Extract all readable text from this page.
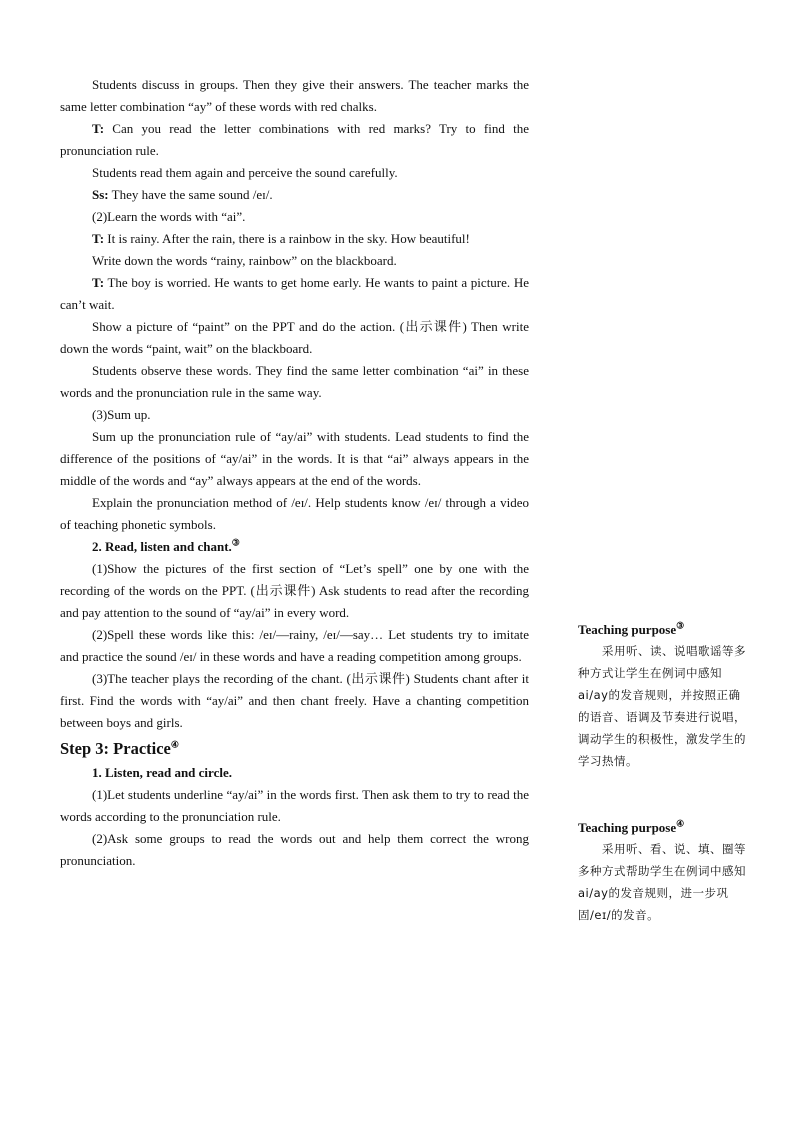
Students discuss in groups. Then they give their answers. The teacher marks the same letter combination “ay” of these words with red chalks.

T: Can you read the letter combinations with red marks? Try to find the pronunciation rule.

Students read them again and perceive the sound carefully.

Ss: They have the same sound /eɪ/.

(2)Learn the words with “ai”.

T: It is rainy. After the rain, there is a rainbow in the sky. How beautiful!

Write down the words “rainy, rainbow” on the blackboard.

T: The boy is worried. He wants to get home early. He wants to paint a picture. He can’t wait.

Show a picture of “paint” on the PPT and do the action. (出示课件) Then write down the words “paint, wait” on the blackboard.

Students observe these words. They find the same letter combination “ai” in these words and the pronunciation rule in the same way.

(3)Sum up.

Sum up the pronunciation rule of “ay/ai” with students. Lead students to find the difference of the positions of “ay/ai” in the words. It is that “ai” always appears in the middle of the words and “ay” always appears at the end of the words.

Explain the pronunciation method of /eɪ/. Help students know /eɪ/ through a video of teaching phonetic symbols.

2. Read, listen and chant.③

(1)Show the pictures of the first section of “Let’s spell” one by one with the recording of the words on the PPT. (出示课件) Ask students to read after the recording and pay attention to the sound of “ay/ai” in every word.

(2)Spell these words like this: /eɪ/—rainy, /eɪ/—say… Let students try to imitate and practice the sound /eɪ/ in these words and have a reading competition among groups.

(3)The teacher plays the recording of the chant. (出示课件) Students chant after it first. Find the words with “ay/ai” and then chant freely. Have a chanting competition between boys and girls.

Step 3: Practice④

1. Listen, read and circle.

(1)Let students underline “ay/ai” in the words first. Then ask them to try to read the words according to the pronunciation rule.

(2)Ask some groups to read the words out and help them correct the wrong pronunciation.

Teaching purpose③

采用听、读、说唱歌谣等多种方式让学生在例词中感知ai/ay的发音规则，并按照正确的语音、语调及节奏进行说唱，调动学生的积极性，激发学生的学习热情。

Teaching purpose④

采用听、看、说、填、圈等多种方式帮助学生在例词中感知ai/ay的发音规则，进一步巩固/eɪ/的发音。
